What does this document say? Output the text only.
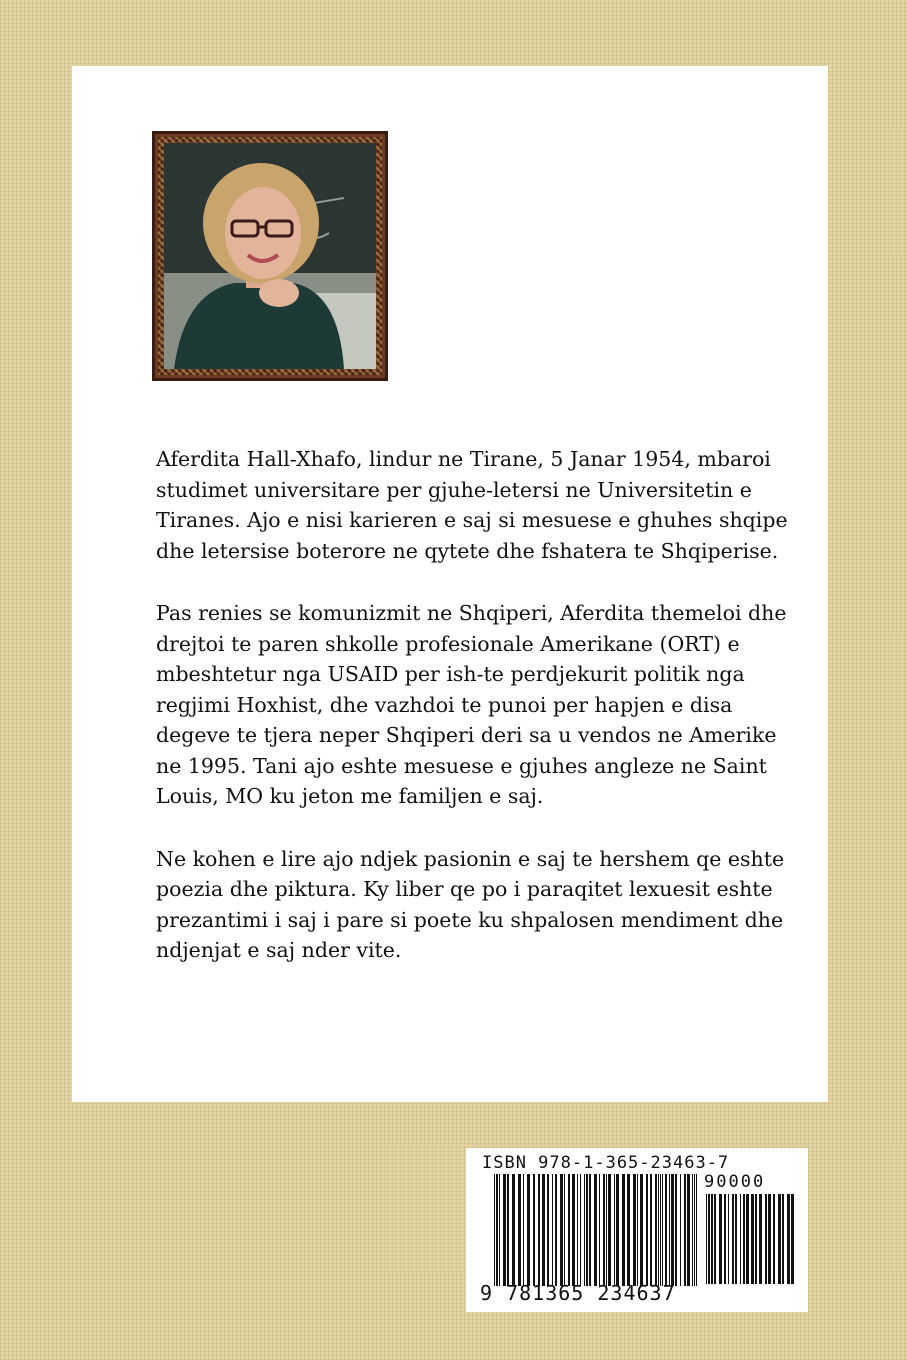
Aferdita Hall-Xhafo, lindur ne Tirane, 5 Janar 1954, mbaroi studimet universitare per gjuhe-letersi ne Universitetin e Tiranes. Ajo e nisi karieren e saj si mesuese e ghuhes shqipe dhe letersise boterore ne qytete dhe fshatera te Shqiperise.

Pas renies se komunizmit ne Shqiperi, Aferdita themeloi dhe drejtoi te paren shkolle profesionale Amerikane (ORT) e mbeshtetur nga USAID per ish-te perdjekurit politik nga regjimi Hoxhist, dhe vazhdoi te punoi per hapjen e disa degeve te tjera neper Shqiperi deri sa u vendos ne Amerike ne 1995. Tani ajo eshte mesuese e gjuhes angleze ne Saint Louis, MO ku jeton me familjen e saj.

Ne kohen e lire ajo ndjek pasionin e saj te hershem qe eshte poezia dhe piktura. Ky liber qe po i paraqitet lexuesit eshte prezantimi i saj i pare si poete ku shpalosen mendiment dhe ndjenjat e saj nder vite.

ISBN 978-1-365-23463-7
90000
9 781365 234637
